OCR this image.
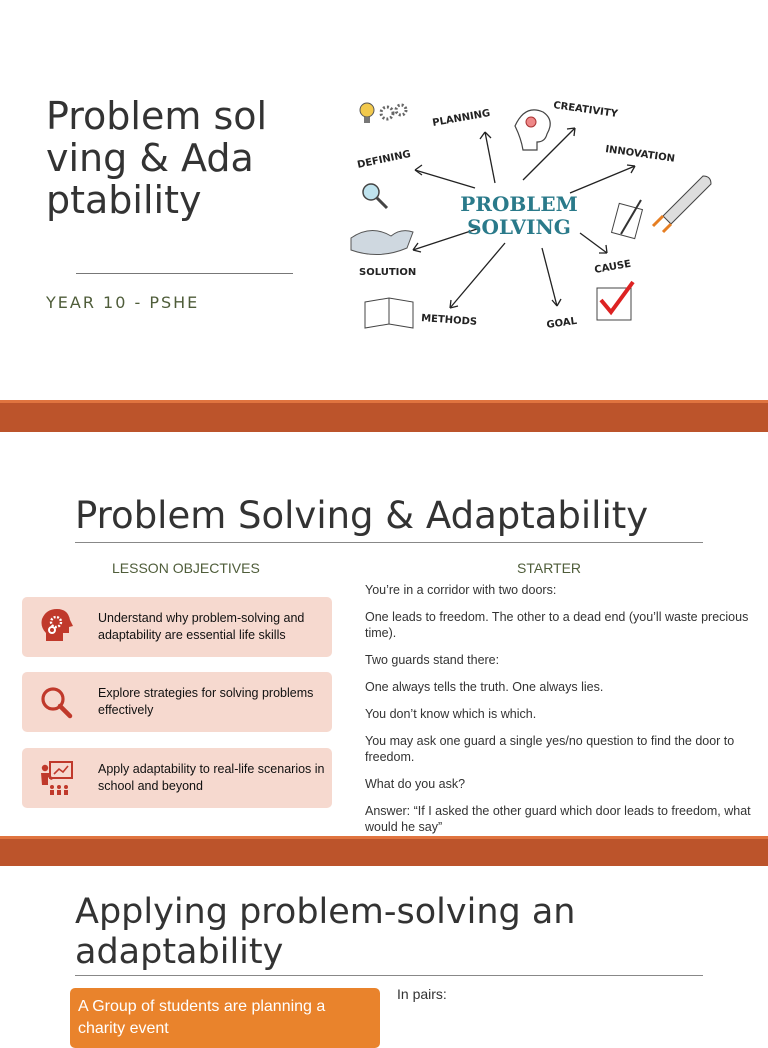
Problem solving & Adaptability
YEAR 10 - PSHE
PROBLEM
SOLVING
PLANNING	CREATIVITY
DEFINING	INNOVATION
SOLUTION	CAUSE
METHODS	GOAL
Problem Solving & Adaptability
LESSON OBJECTIVES	STARTER
Understand why problem-solving and adaptability are essential life skills
Explore strategies for solving problems effectively
Apply adaptability to real-life scenarios in school and beyond

You’re in a corridor with two doors:

One leads to freedom. The other to a dead end (you’ll waste precious time).

Two guards stand there:

One always tells the truth. One always lies.

You don’t know which is which.

You may ask one guard a single yes/no question to find the door to freedom.

What do you ask?

Answer: “If I asked the other guard which door leads to freedom, what would he say”

Applying problem-solving an adaptability
A Group of students are planning a charity event
In pairs:
